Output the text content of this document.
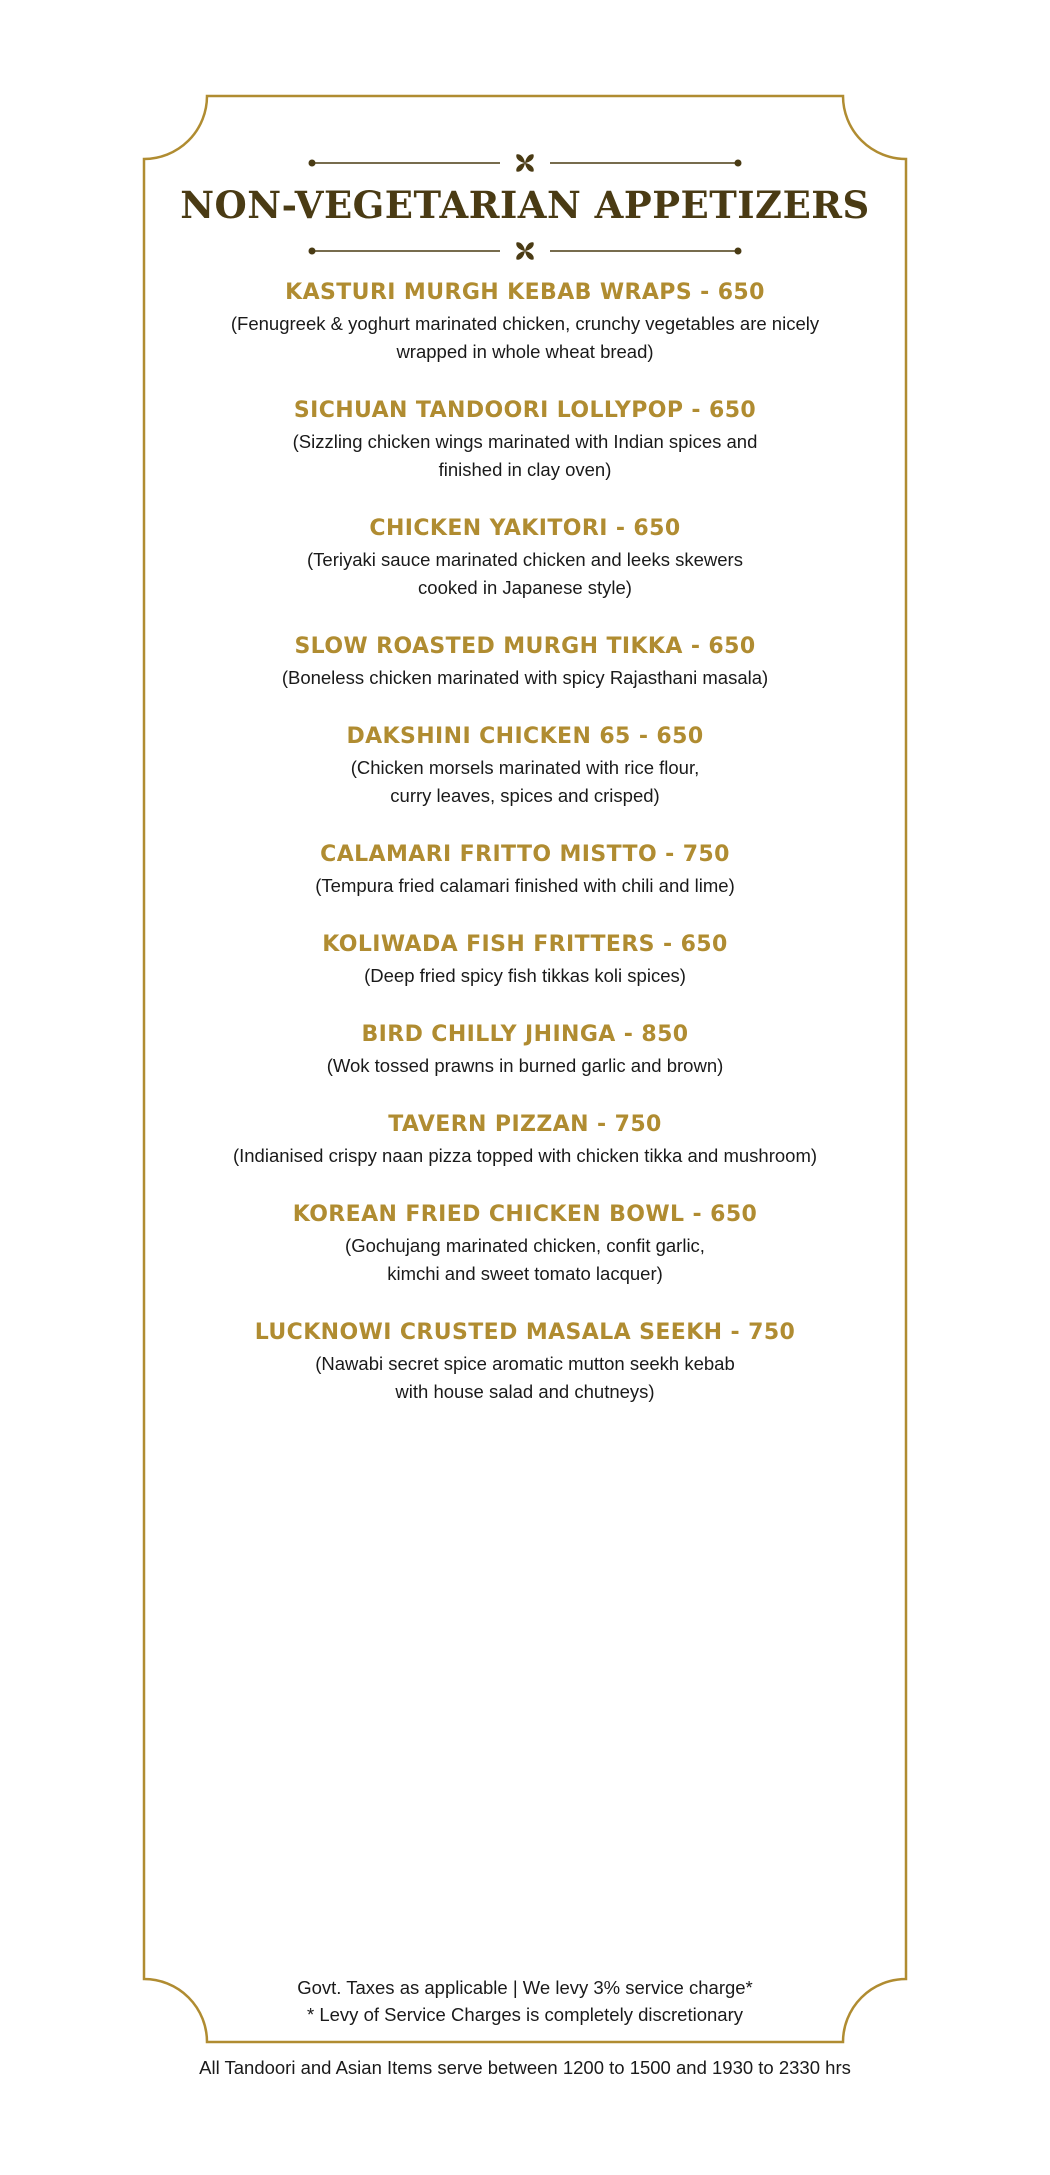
NON-VEGETARIAN APPETIZERS
KASTURI MURGH KEBAB WRAPS - 650
(Fenugreek & yoghurt marinated chicken, crunchy vegetables are nicely
wrapped in whole wheat bread)
SICHUAN TANDOORI LOLLYPOP - 650
(Sizzling chicken wings marinated with Indian spices and
finished in clay oven)
CHICKEN YAKITORI - 650
(Teriyaki sauce marinated chicken and leeks skewers
cooked in Japanese style)
SLOW ROASTED MURGH TIKKA - 650
(Boneless chicken marinated with spicy Rajasthani masala)
DAKSHINI CHICKEN 65 - 650
(Chicken morsels marinated with rice flour,
curry leaves, spices and crisped)
CALAMARI FRITTO MISTTO - 750
(Tempura fried calamari finished with chili and lime)
KOLIWADA FISH FRITTERS - 650
(Deep fried spicy fish tikkas koli spices)
BIRD CHILLY JHINGA - 850
(Wok tossed prawns in burned garlic and brown)
TAVERN PIZZAN - 750
(Indianised crispy naan pizza topped with chicken tikka and mushroom)
KOREAN FRIED CHICKEN BOWL - 650
(Gochujang marinated chicken, confit garlic,
kimchi and sweet tomato lacquer)
LUCKNOWI CRUSTED MASALA SEEKH - 750
(Nawabi secret spice aromatic mutton seekh kebab
with house salad and chutneys)
Govt. Taxes as applicable | We levy 3% service charge*
* Levy of Service Charges is completely discretionary
All Tandoori and Asian Items serve between 1200 to 1500 and 1930 to 2330 hrs
